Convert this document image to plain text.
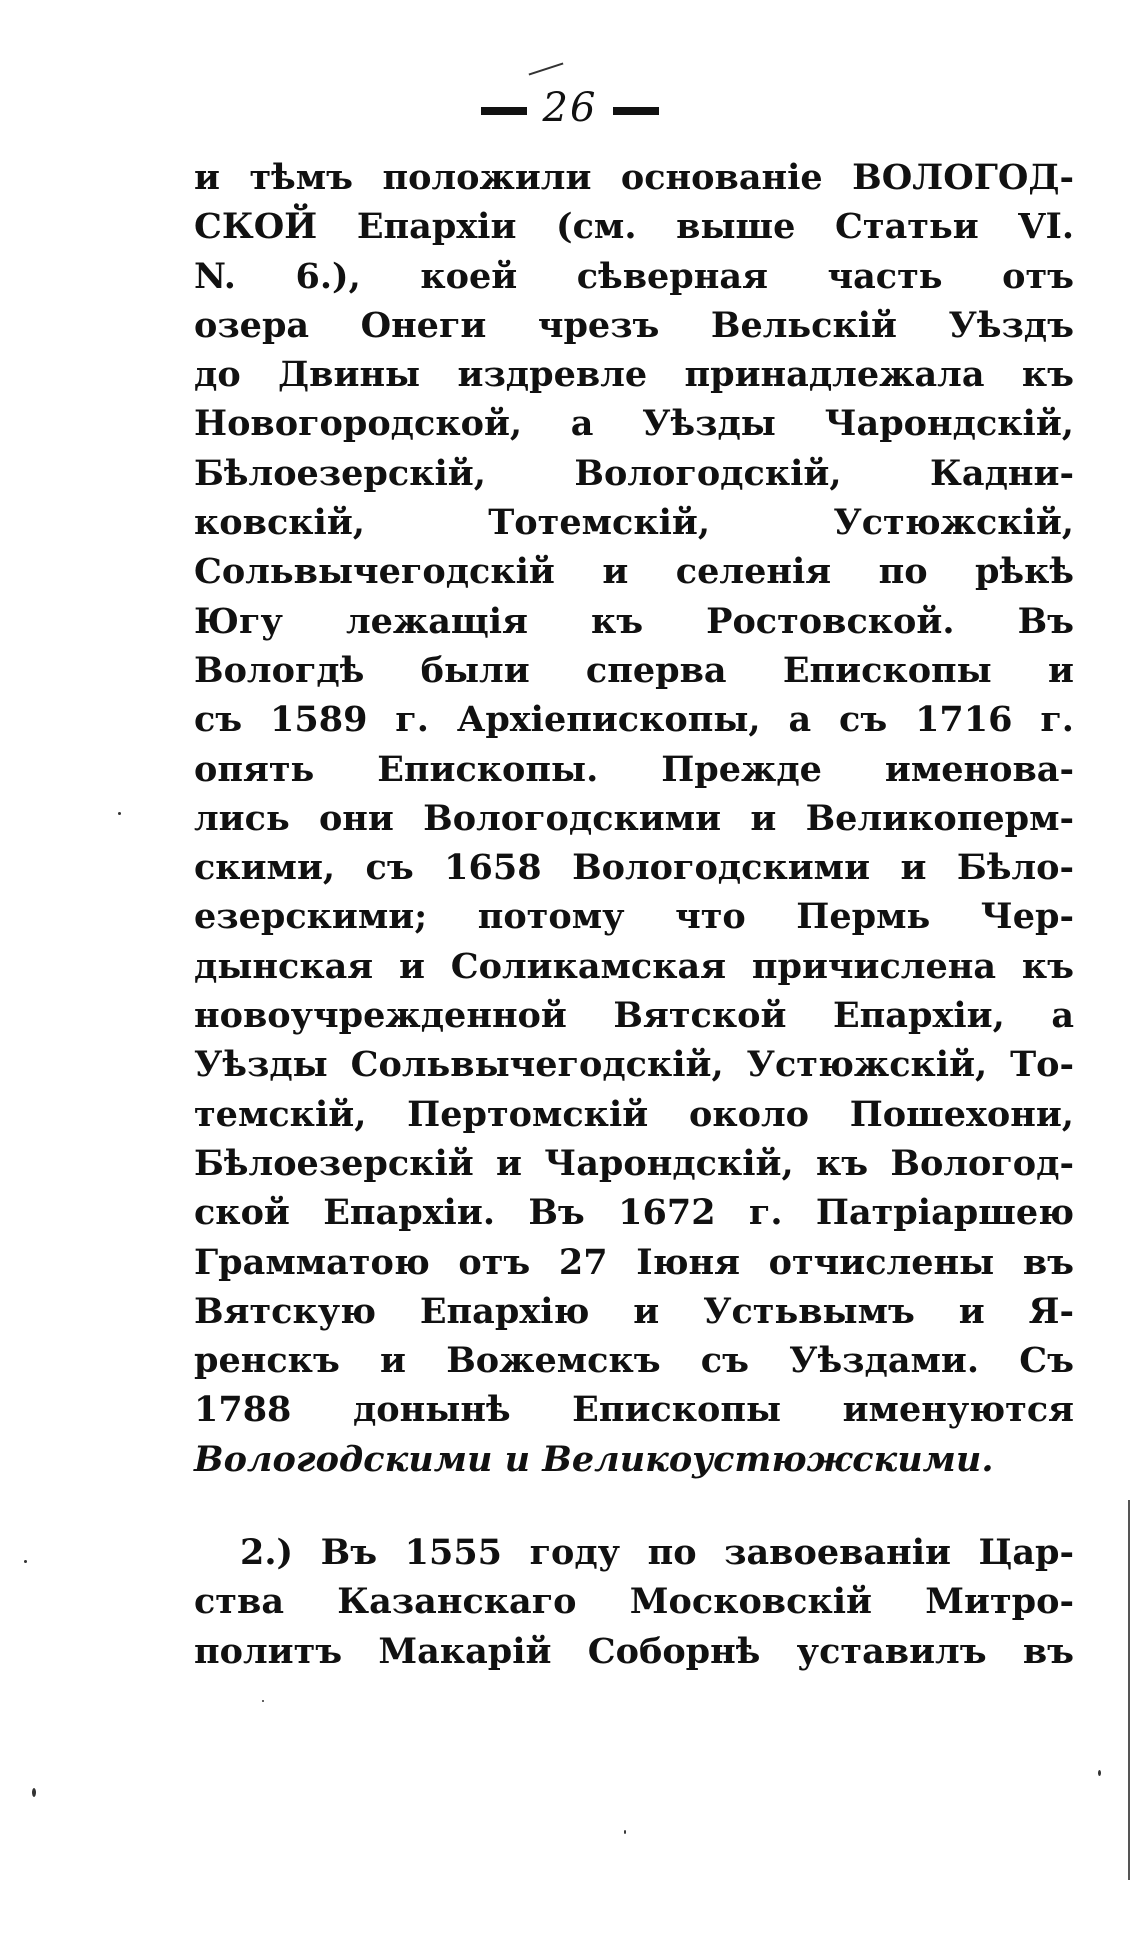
26
и тѣмъ положили основаніе ВОЛОГОД-
СКОЙ Епархіи (см. выше Статьи VI.
N. 6.), коей сѣверная часть отъ
озера Онеги чрезъ Вельскій Уѣздъ
до Двины издревле принадлежала къ
Новогородской, а Уѣзды Чарондскій,
Бѣлоезерскій, Вологодскій, Кадни-
ковскій, Тотемскій, Устюжскій,
Сольвычегодскій и селенія по рѣкѣ
Югу лежащія къ Ростовской. Въ
Вологдѣ были сперва Епископы и
съ 1589 г. Архіепископы, а съ 1716 г.
опять Епископы. Прежде именова-
лись они Вологодскими и Великоперм-
скими, съ 1658 Вологодскими и Бѣло-
езерскими; потому что Пермь Чер-
дынская и Соликамская причислена къ
новоучрежденной Вятской Епархіи, а
Уѣзды Сольвычегодскій, Устюжскій, То-
темскій, Пертомскій около Пошехони,
Бѣлоезерскій и Чарондскій, къ Вологод-
ской Епархіи. Въ 1672 г. Патріаршею
Грамматою отъ 27 Іюня отчислены въ
Вятскую Епархію и Устьвымъ и Я-
ренскъ и Вожемскъ съ Уѣздами. Съ
1788 донынѣ Епископы именуются
Вологодскими и Великоустюжскими.
2.) Въ 1555 году по завоеваніи Цар-
ства Казанскаго Московскій Митро-
политъ Макарій Соборнѣ уставилъ въ
